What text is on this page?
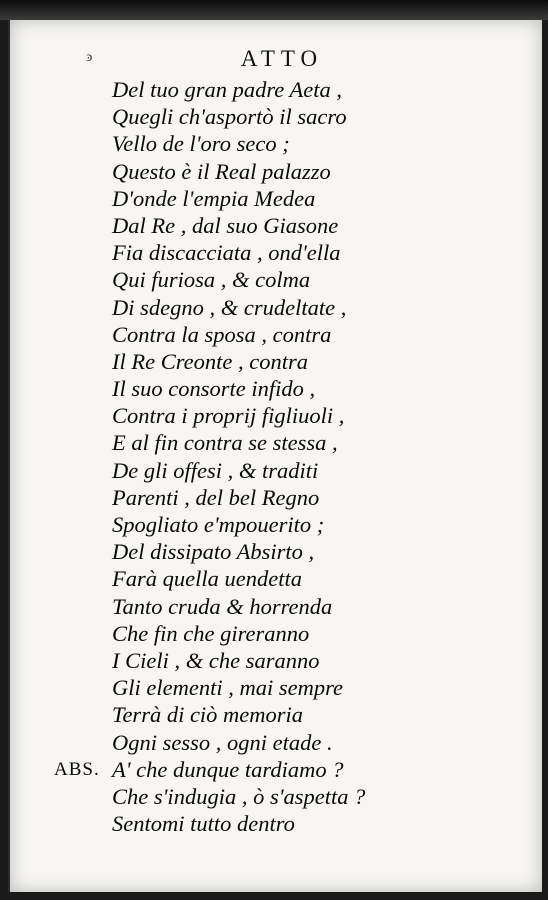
ͽ	ATTO
Del tuo gran padre Aeta ,
Quegli ch'asportò il sacro
Vello de l'oro seco ;
Questo è il Real palazzo
D'onde l'empia Medea
Dal Re , dal suo Giasone
Fia discacciata , ond'ella
Qui furiosa , & colma
Di sdegno , & crudeltate ,
Contra la sposa , contra
Il Re Creonte , contra
Il suo consorte infido ,
Contra i proprij figliuoli ,
E al fin contra se stessa ,
De gli offesi , & traditi
Parenti , del bel Regno
Spogliato e'mpouerito ;
Del dissipato Absirto ,
Farà quella uendetta
Tanto cruda & horrenda
Che fin che gireranno
I Cieli , & che saranno
Gli elementi , mai sempre
Terrà di ciò memoria
Ogni sesso , ogni etade .
ABS. A' che dunque tardiamo ?
Che s'indugia , ò s'aspetta ?
Sentomi tutto dentro
